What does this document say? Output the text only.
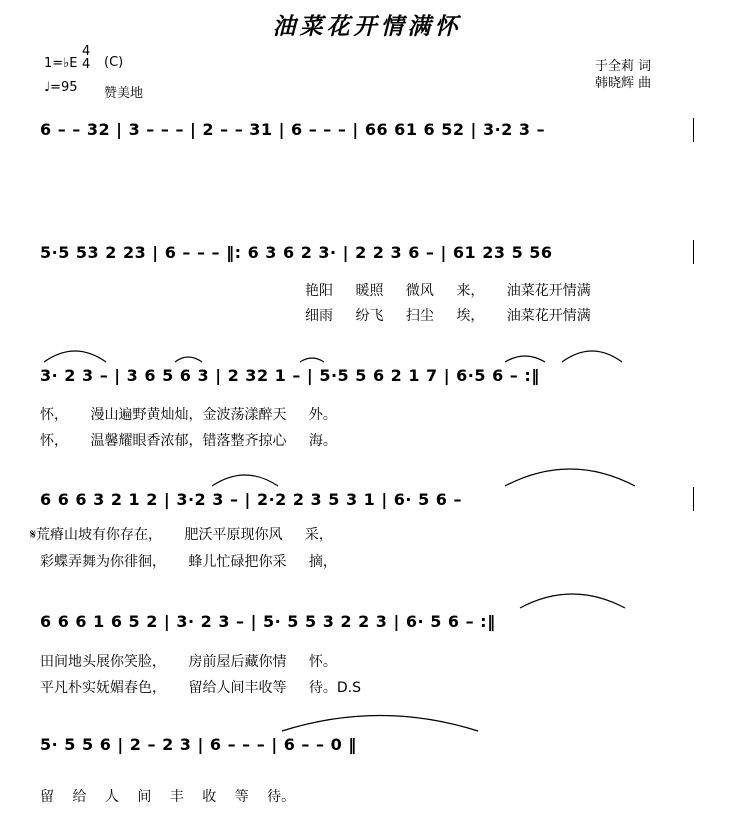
油菜花开情满怀
1=♭E
4
4 (C)
♩=95 赞美地
于全莉 词
韩晓辉 曲
6 – – 32 | 3 – – – | 2 – – 31 | 6 – – – | 66 61 6 52 | 3·2 3 –
5·5 53 2 23 | 6 – – – ‖: 6 3 6 2 3· | 2 2 3 6 – | 61 23 5 56
艳阳 暖照 微风 来， 油菜花开情满
细雨 纷飞 扫尘 埃， 油菜花开情满
3· 2 3 – | 3 6 5 6 3 | 2 32 1 – | 5·5 5 6 2 1 7 | 6·5 6 – :‖
怀， 漫山遍野黄灿灿，金波荡漾醉天 外。
怀， 温馨耀眼香浓郁，错落整齐掠心 海。
6 6 6 3 2 1 2 | 3·2 3 – | 2·2 2 3 5 3 1 | 6· 5 6 –
𝄋荒瘠山坡有你存在， 肥沃平原现你风 采，
彩蝶弄舞为你徘徊， 蜂儿忙碌把你采 摘，
6 6 6 1 6 5 2 | 3· 2 3 – | 5· 5 5 3 2 2 3 | 6· 5 6 – :‖
田间地头展你笑脸， 房前屋后藏你情 怀。
平凡朴实妩媚春色， 留给人间丰收等 待。D.S
5· 5 5 6 | 2 – 2 3 | 6 – – – | 6 – – 0 ‖
留 给 人 间 丰 收 等 待。
